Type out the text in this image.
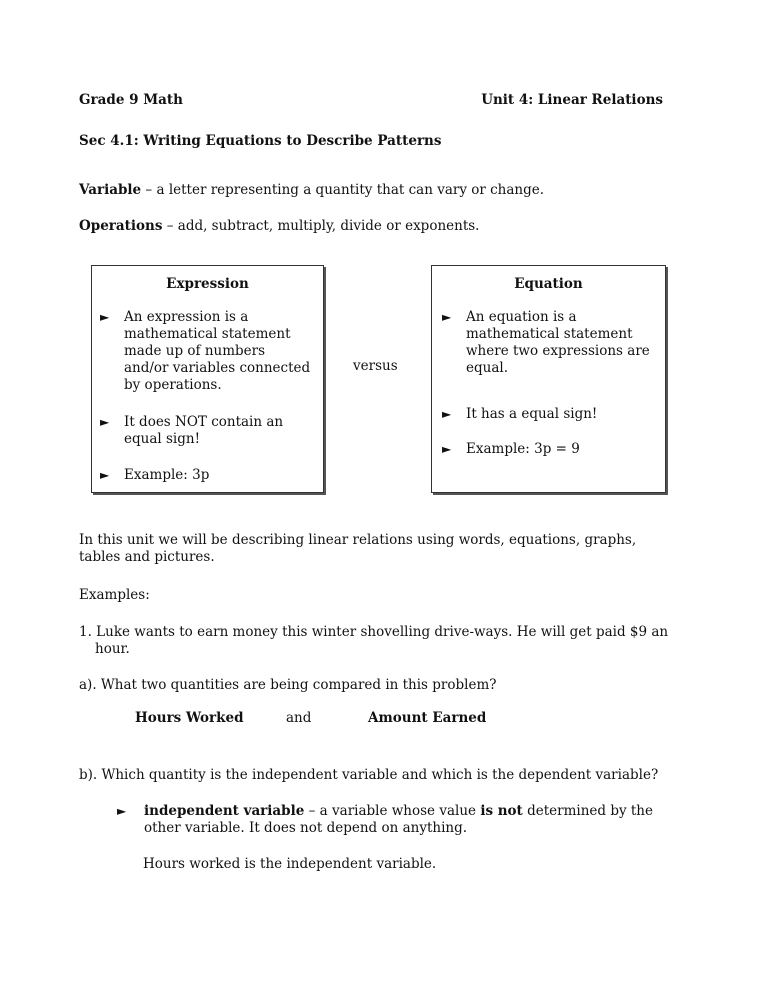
Grade 9 Math	Unit 4: Linear Relations
Sec 4.1: Writing Equations to Describe Patterns
Variable – a letter representing a quantity that can vary or change.
Operations – add, subtract, multiply, divide or exponents.
Expression
►	An expression is a mathematical statement made up of numbers and/or variables connected by operations.
►	It does NOT contain an equal sign!
►	Example: 3p
versus
Equation
►	An equation is a mathematical statement where two expressions are equal.
►	It has a equal sign!
►	Example: 3p = 9
In this unit we will be describing linear relations using words, equations, graphs, tables and pictures.
Examples:
1. Luke wants to earn money this winter shovelling drive-ways. He will get paid $9 an hour.
a). What two quantities are being compared in this problem?
Hours Worked	and	Amount Earned
b). Which quantity is the independent variable and which is the dependent variable?
►	independent variable – a variable whose value is not determined by the other variable. It does not depend on anything.
Hours worked is the independent variable.
